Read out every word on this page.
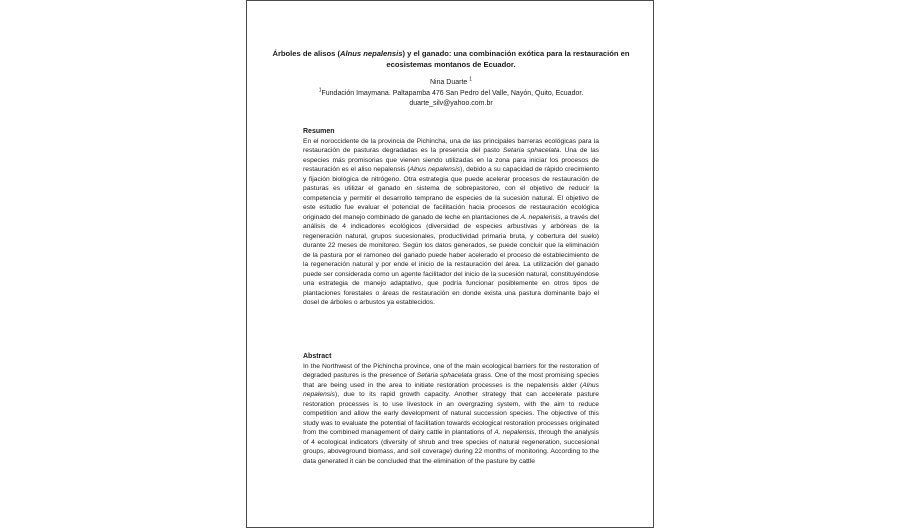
Árboles de alisos (Alnus nepalensis) y el ganado: una combinación exótica para la restauración en ecosistemas montanos de Ecuador.
Nina Duarte $^1$
$^1$Fundación Imaymana. Paltapamba 476 San Pedro del Valle, Nayón, Quito, Ecuador.
duarte_silv@yahoo.com.br
Resumen
En el noroccidente de la provincia de Pichincha, una de las principales barreras ecológicas para la restauración de pasturas degradadas es la presencia del pasto Setaria sphacelata. Una de las especies más promisorias que vienen siendo utilizadas en la zona para iniciar los procesos de restauración es el aliso nepalensis (Alnus nepalensis), debido a su capacidad de rápido crecimiento y fijación biológica de nitrógeno. Otra estrategia que puede acelerar procesos de restauración de pasturas es utilizar el ganado en sistema de sobrepastoreo, con el objetivo de reducir la competencia y permitir el desarrollo temprano de especies de la sucesión natural. El objetivo de este estudio fue evaluar el potencial de facilitación hacia procesos de restauración ecológica originado del manejo combinado de ganado de leche en plantaciones de A. nepalensis, a través del análisis de 4 indicadores ecológicos (diversidad de especies arbustivas y arbóreas de la regeneración natural, grupos sucesionales, productividad primaria bruta, y cobertura del suelo) durante 22 meses de monitoreo. Según los datos generados, se puede concluir que la eliminación de la pastura por el ramoneo del ganado puede haber acelerado el proceso de establecimiento de la regeneración natural y por ende el inicio de la restauración del área. La utilización del ganado puede ser considerada como un agente facilitador del inicio de la sucesión natural, constituyéndose una estrategia de manejo adaptativo, que podría funcionar posiblemente en otros tipos de plantaciones forestales o áreas de restauración en donde exista una pastura dominante bajo el dosel de árboles o arbustos ya establecidos.
Abstract
In the Northwest of the Pichincha province, one of the main ecological barriers for the restoration of degraded pastures is the presence of Setaria sphacelata grass. One of the most promising species that are being used in the area to initiate restoration processes is the nepalensis alder (Alnus nepalensis), due to its rapid growth capacity. Another strategy that can accelerate pasture restoration processes is to use livestock in an overgrazing system, with the aim to reduce competition and allow the early development of natural succession species. The objective of this study was to evaluate the potential of facilitation towards ecological restoration processes originated from the combined management of dairy cattle in plantations of A. nepalensis, through the analysis of 4 ecological indicators (diversity of shrub and tree species of natural regeneration, succesional groups, aboveground biomass, and soil coverage) during 22 months of monitoring. According to the data generated it can be concluded that the elimination of the pasture by cattle
